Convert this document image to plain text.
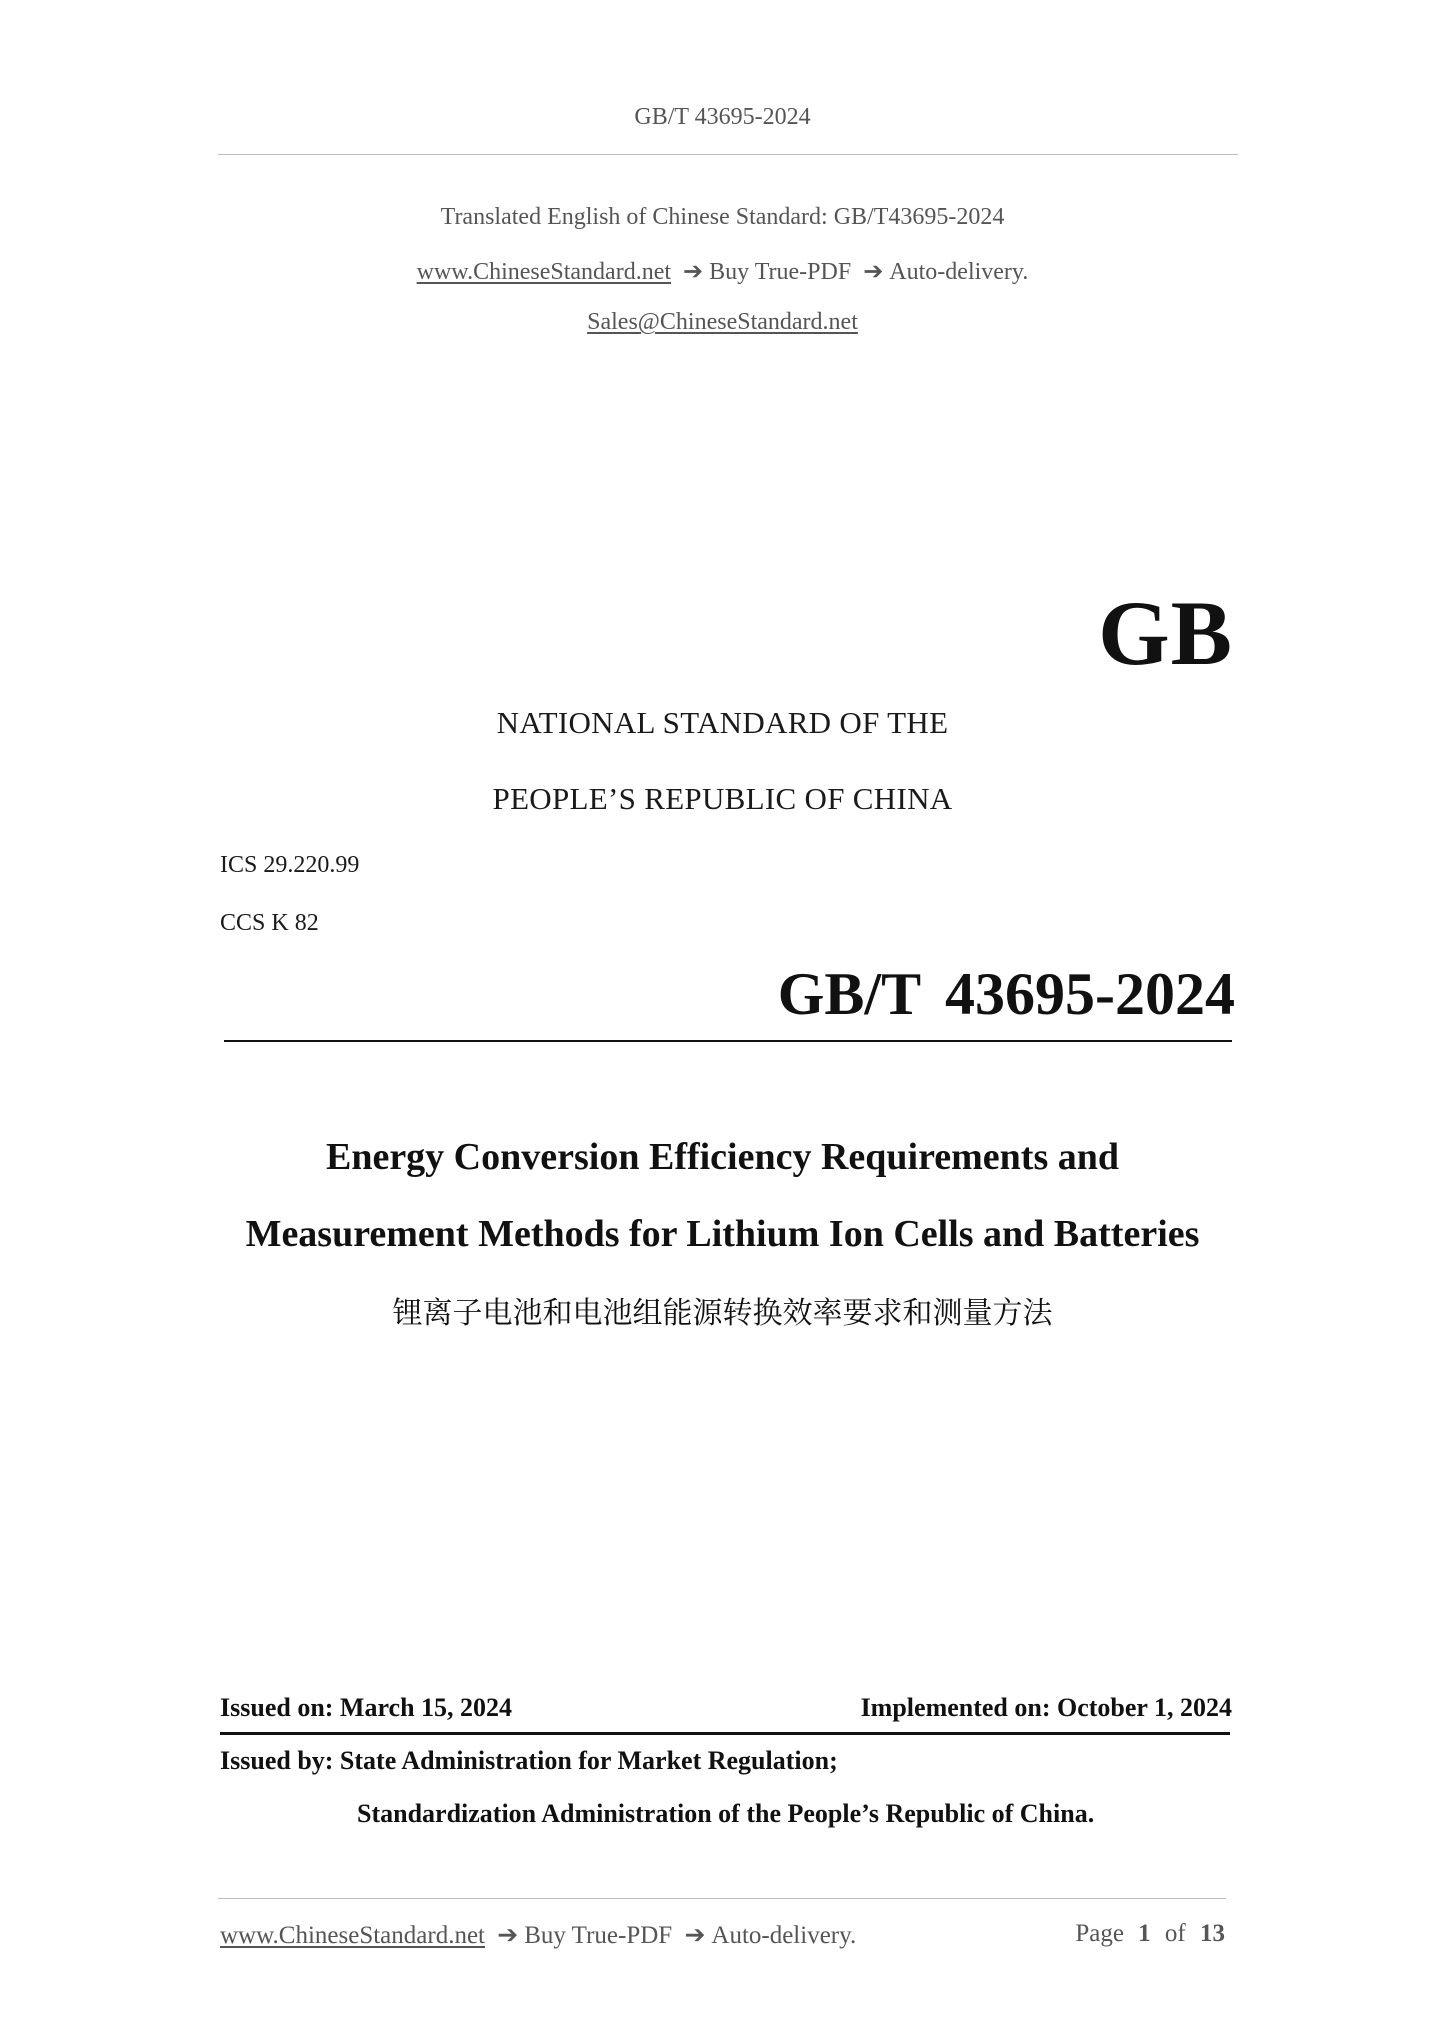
GB/T 43695-2024
Translated English of Chinese Standard: GB/T43695-2024
www.ChineseStandard.net ➔ Buy True-PDF ➔ Auto-delivery.
Sales@ChineseStandard.net
GB
NATIONAL STANDARD OF THE
PEOPLE’S REPUBLIC OF CHINA
ICS 29.220.99
CCS K 82
GB/T 43695-2024
Energy Conversion Efficiency Requirements and
Measurement Methods for Lithium Ion Cells and Batteries
锂离子电池和电池组能源转换效率要求和测量方法
Issued on: March 15, 2024	Implemented on: October 1, 2024
Issued by: State Administration for Market Regulation;
Standardization Administration of the People’s Republic of China.
www.ChineseStandard.net ➔ Buy True-PDF ➔ Auto-delivery.	Page 1 of 13
